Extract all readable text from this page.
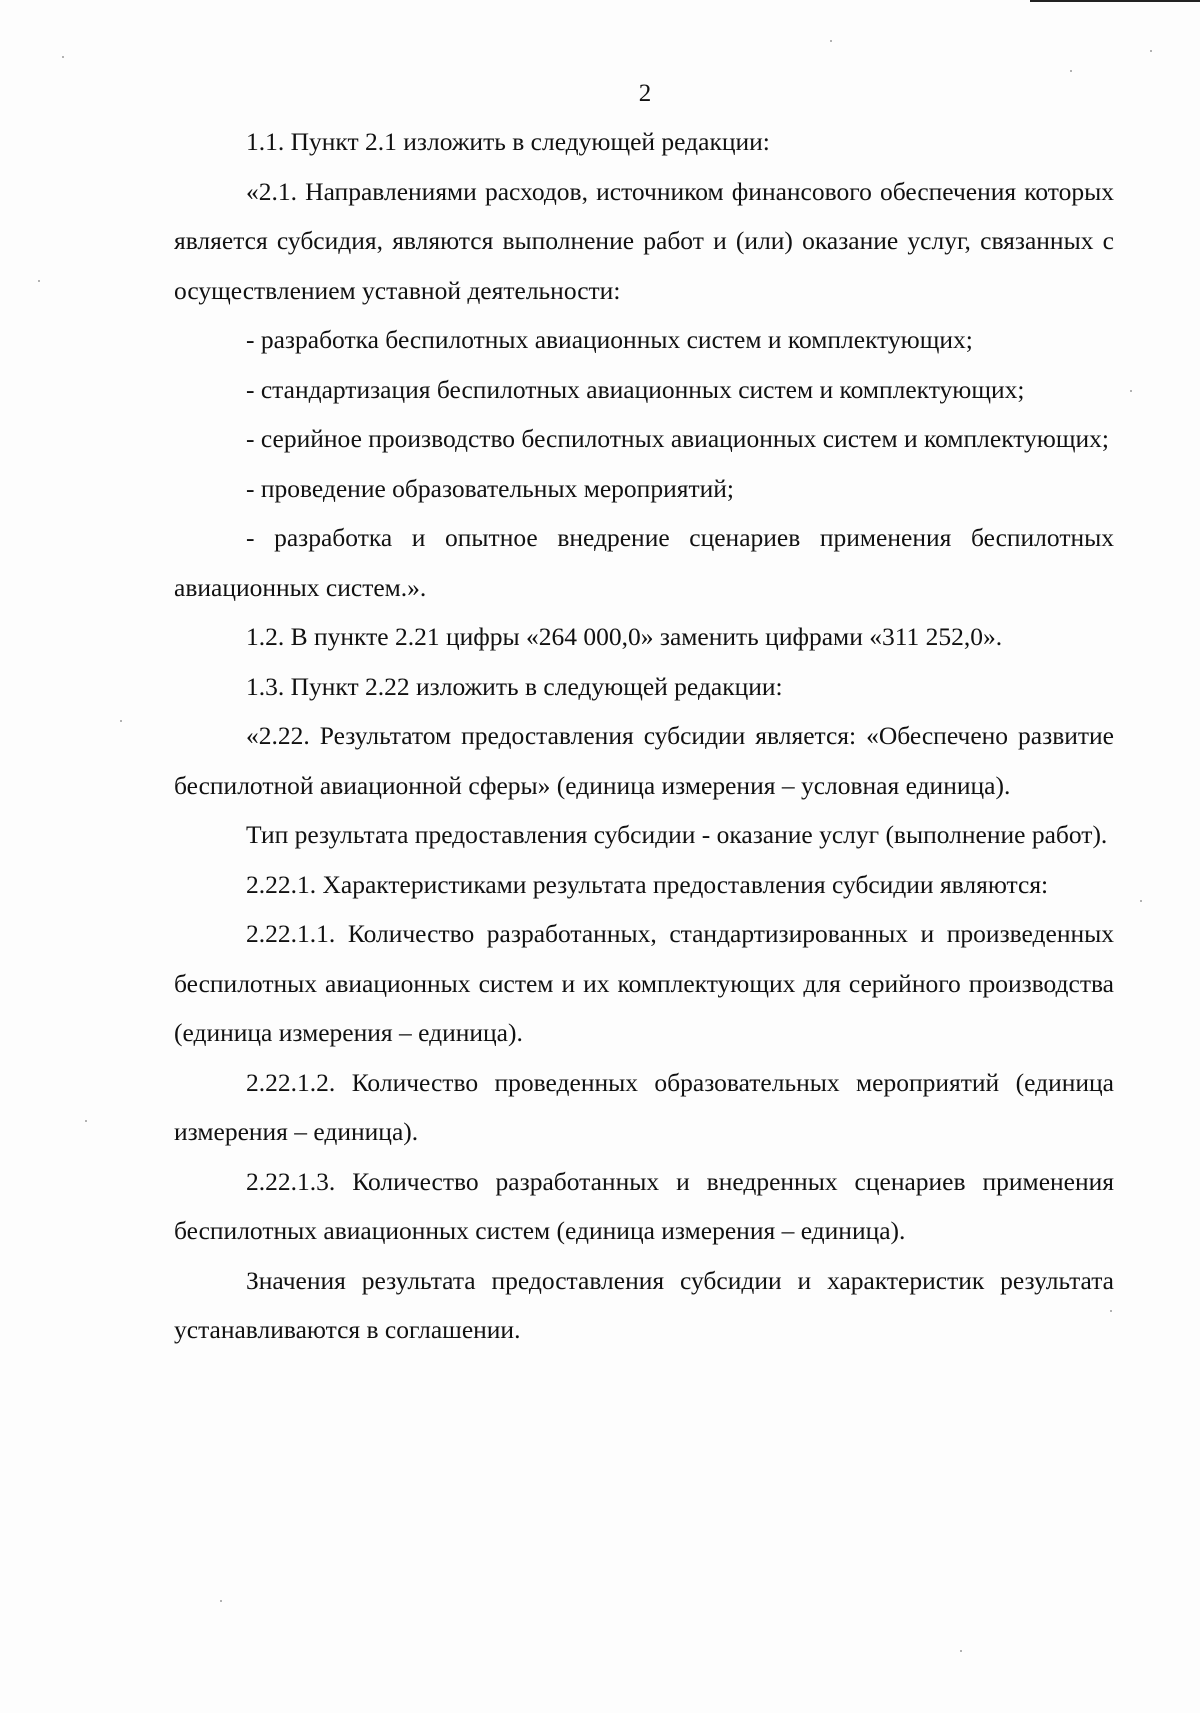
2

1.1. Пункт 2.1 изложить в следующей редакции:

«2.1. Направлениями расходов, источником финансового обеспечения которых является субсидия, являются выполнение работ и (или) оказание услуг, связанных с осуществлением уставной деятельности:

- разработка беспилотных авиационных систем и комплектующих;

- стандартизация беспилотных авиационных систем и комплектующих;

- серийное производство беспилотных авиационных систем и комплектующих;

- проведение образовательных мероприятий;

- разработка и опытное внедрение сценариев применения беспилотных авиационных систем.».

1.2. В пункте 2.21 цифры «264 000,0» заменить цифрами «311 252,0».

1.3. Пункт 2.22 изложить в следующей редакции:

«2.22. Результатом предоставления субсидии является: «Обеспечено развитие беспилотной авиационной сферы» (единица измерения – условная единица).

Тип результата предоставления субсидии - оказание услуг (выполнение работ).

2.22.1. Характеристиками результата предоставления субсидии являются:

2.22.1.1. Количество разработанных, стандартизированных и произведенных беспилотных авиационных систем и их комплектующих для серийного производства (единица измерения – единица).

2.22.1.2. Количество проведенных образовательных мероприятий (единица измерения – единица).

2.22.1.3. Количество разработанных и внедренных сценариев применения беспилотных авиационных систем (единица измерения – единица).

Значения результата предоставления субсидии и характеристик результата устанавливаются в соглашении.
